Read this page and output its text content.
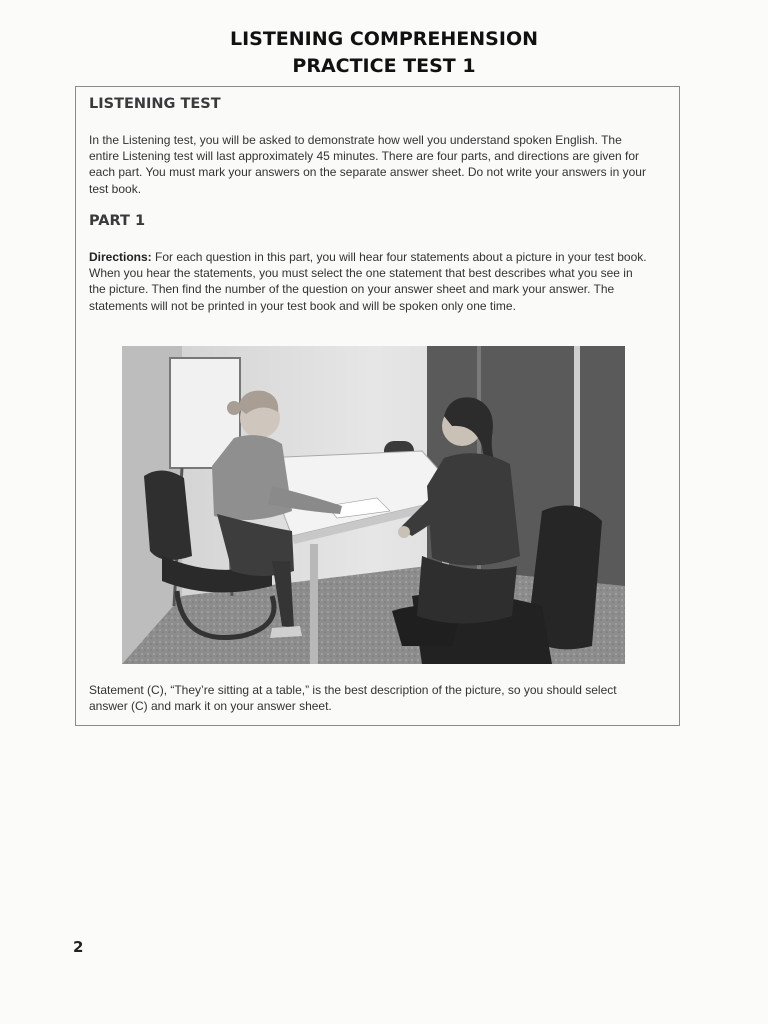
LISTENING COMPREHENSION
PRACTICE TEST 1
LISTENING TEST

In the Listening test, you will be asked to demonstrate how well you understand spoken English. The entire Listening test will last approximately 45 minutes. There are four parts, and directions are given for each part. You must mark your answers on the separate answer sheet. Do not write your answers in your test book.

PART 1

Directions: For each question in this part, you will hear four statements about a picture in your test book. When you hear the statements, you must select the one statement that best describes what you see in the picture. Then find the number of the question on your answer sheet and mark your answer. The statements will not be printed in your test book and will be spoken only one time.

Statement (C), “They’re sitting at a table,” is the best description of the picture, so you should select answer (C) and mark it on your answer sheet.

2
